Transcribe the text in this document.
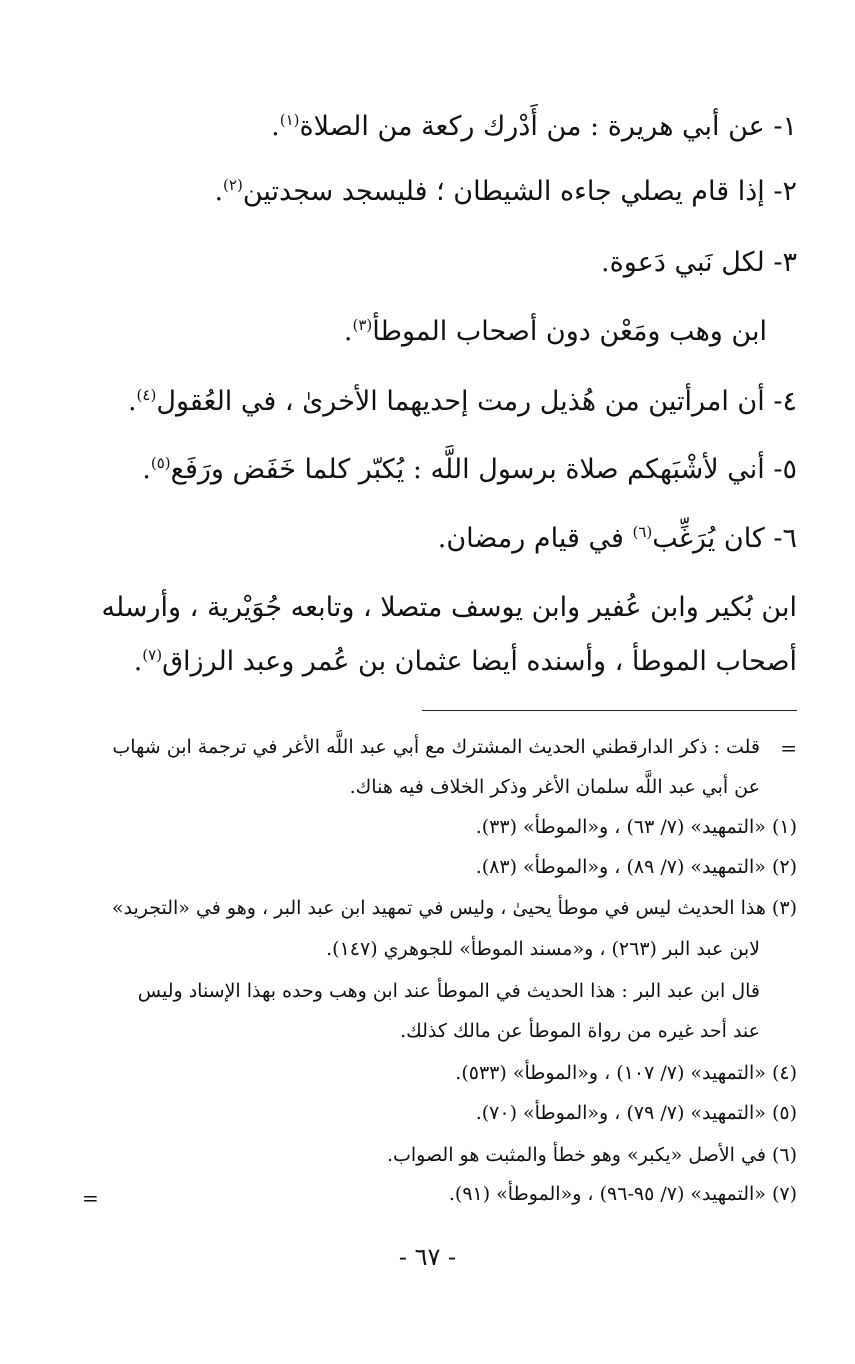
١- عن أبي هريرة : من أَدْرك ركعة من الصلاة$^{(١)}$.
٢- إذا قام يصلي جاءه الشيطان ؛ فليسجد سجدتين$^{(٢)}$.
٣- لكل نَبي دَعوة.
ابن وهب ومَعْن دون أصحاب الموطأ$^{(٣)}$.
٤- أن امرأتين من هُذيل رمت إحديهما الأخرىٰ ، في العُقول$^{(٤)}$.
٥- أني لأشْبَهكم صلاة برسول اللَّه : يُكبّر كلما خَفَض ورَفَع$^{(٥)}$.
٦- كان يُرَغِّب$^{(٦)}$ في قيام رمضان.
ابن بُكير وابن عُفير وابن يوسف متصلا ، وتابعه جُوَيْرية ، وأرسله
أصحاب الموطأ ، وأسنده أيضا عثمان بن عُمر وعبد الرزاق$^{(٧)}$.
=
قلت : ذكر الدارقطني الحديث المشترك مع أبي عبد اللَّه الأغر في ترجمة ابن شهاب
عن أبي عبد اللَّه سلمان الأغر وذكر الخلاف فيه هناك.
(١) «التمهيد» (٧/ ٦٣) ، و«الموطأ» (٣٣).
(٢) «التمهيد» (٧/ ٨٩) ، و«الموطأ» (٨٣).
(٣) هذا الحديث ليس في موطأ يحيىٰ ، وليس في تمهيد ابن عبد البر ، وهو في «التجريد»
لابن عبد البر (٢٦٣) ، و«مسند الموطأ» للجوهري (١٤٧).
قال ابن عبد البر : هذا الحديث في الموطأ عند ابن وهب وحده بهذا الإسناد وليس
عند أحد غيره من رواة الموطأ عن مالك كذلك.
(٤) «التمهيد» (٧/ ١٠٧) ، و«الموطأ» (٥٣٣).
(٥) «التمهيد» (٧/ ٧٩) ، و«الموطأ» (٧٠).
(٦) في الأصل «يكبر» وهو خطأ والمثبت هو الصواب.
(٧) «التمهيد» (٧/ ٩٥-٩٦) ، و«الموطأ» (٩١).
=
- ٦٧ -
